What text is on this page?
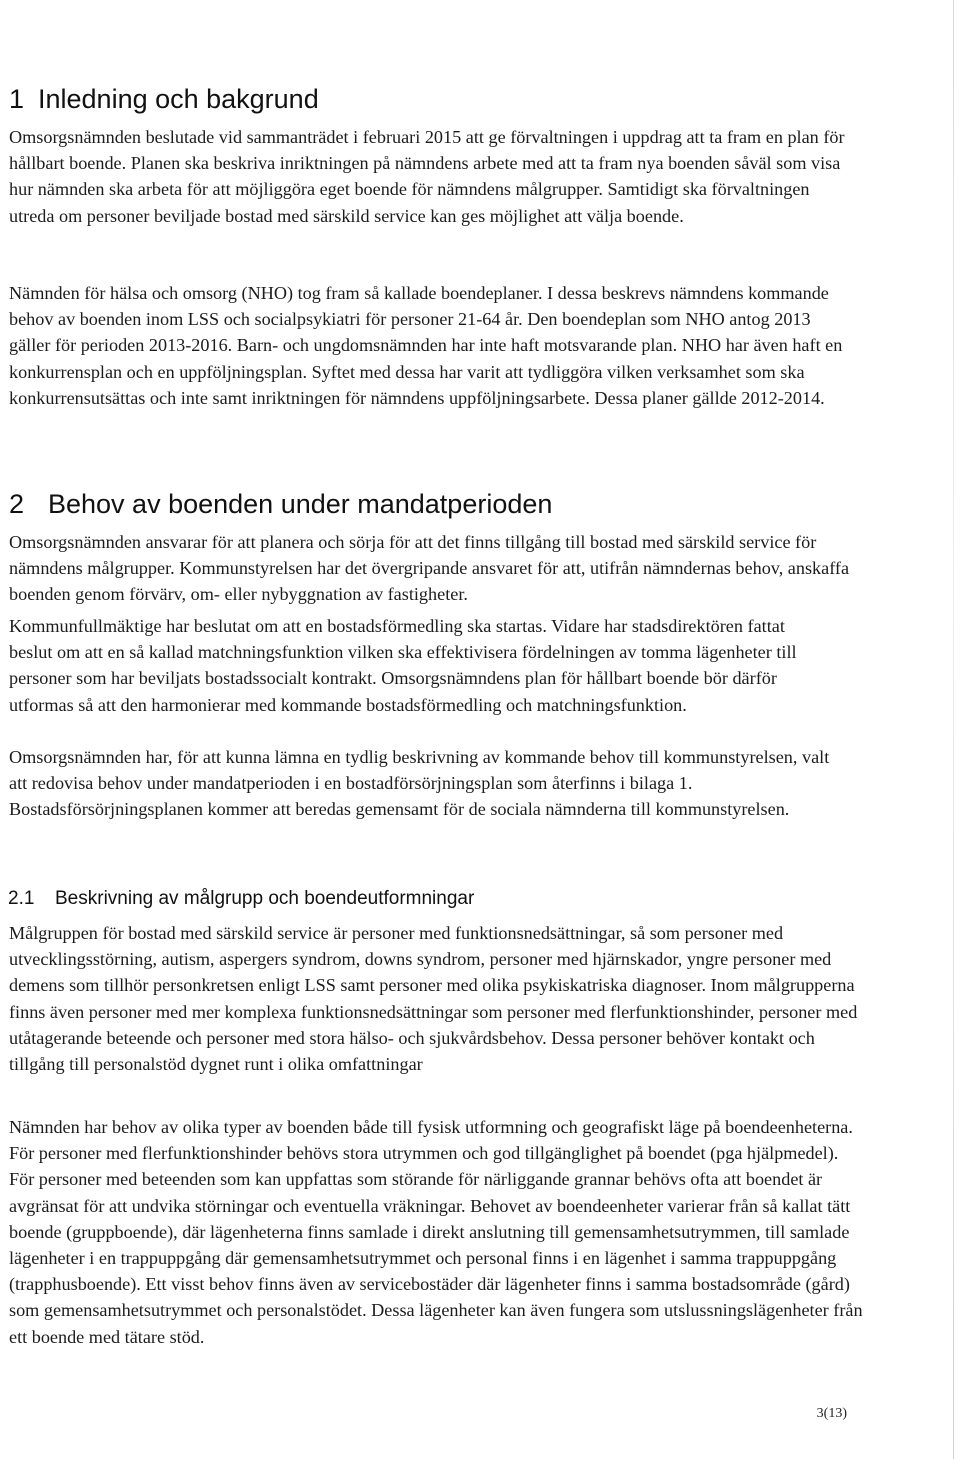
1 Inledning och bakgrund

Omsorgsnämnden beslutade vid sammanträdet i februari 2015 att ge förvaltningen i uppdrag att ta fram en plan för hållbart boende. Planen ska beskriva inriktningen på nämndens arbete med att ta fram nya boenden såväl som visa hur nämnden ska arbeta för att möjliggöra eget boende för nämndens målgrupper. Samtidigt ska förvaltningen utreda om personer beviljade bostad med särskild service kan ges möjlighet att välja boende.

Nämnden för hälsa och omsorg (NHO) tog fram så kallade boendeplaner. I dessa beskrevs nämndens kommande behov av boenden inom LSS och socialpsykiatri för personer 21-64 år. Den boendeplan som NHO antog 2013 gäller för perioden 2013-2016. Barn- och ungdomsnämnden har inte haft motsvarande plan. NHO har även haft en konkurrensplan och en uppföljningsplan. Syftet med dessa har varit att tydliggöra vilken verksamhet som ska konkurrensutsättas och inte samt inriktningen för nämndens uppföljningsarbete. Dessa planer gällde 2012-2014.

2 Behov av boenden under mandatperioden

Omsorgsnämnden ansvarar för att planera och sörja för att det finns tillgång till bostad med särskild service för nämndens målgrupper. Kommunstyrelsen har det övergripande ansvaret för att, utifrån nämndernas behov, anskaffa boenden genom förvärv, om- eller nybyggnation av fastigheter.

Kommunfullmäktige har beslutat om att en bostadsförmedling ska startas. Vidare har stadsdirektören fattat beslut om att en så kallad matchningsfunktion vilken ska effektivisera fördelningen av tomma lägenheter till personer som har beviljats bostadssocialt kontrakt. Omsorgsnämndens plan för hållbart boende bör därför utformas så att den harmonierar med kommande bostadsförmedling och matchningsfunktion.

Omsorgsnämnden har, för att kunna lämna en tydlig beskrivning av kommande behov till kommunstyrelsen, valt att redovisa behov under mandatperioden i en bostadförsörjningsplan som återfinns i bilaga 1. Bostadsförsörjningsplanen kommer att beredas gemensamt för de sociala nämnderna till kommunstyrelsen.

2.1 Beskrivning av målgrupp och boendeutformningar

Målgruppen för bostad med särskild service är personer med funktionsnedsättningar, så som personer med utvecklingsstörning, autism, aspergers syndrom, downs syndrom, personer med hjärnskador, yngre personer med demens som tillhör personkretsen enligt LSS samt personer med olika psykiskatriska diagnoser. Inom målgrupperna finns även personer med mer komplexa funktionsnedsättningar som personer med flerfunktionshinder, personer med utåtagerande beteende och personer med stora hälso- och sjukvårdsbehov. Dessa personer behöver kontakt och tillgång till personalstöd dygnet runt i olika omfattningar

Nämnden har behov av olika typer av boenden både till fysisk utformning och geografiskt läge på boendeenheterna. För personer med flerfunktionshinder behövs stora utrymmen och god tillgänglighet på boendet (pga hjälpmedel). För personer med beteenden som kan uppfattas som störande för närliggande grannar behövs ofta att boendet är avgränsat för att undvika störningar och eventuella vräkningar. Behovet av boendeenheter varierar från så kallat tätt boende (gruppboende), där lägenheterna finns samlade i direkt anslutning till gemensamhetsutrymmen, till samlade lägenheter i en trappuppgång där gemensamhetsutrymmet och personal finns i en lägenhet i samma trappuppgång (trapphusboende). Ett visst behov finns även av servicebostäder där lägenheter finns i samma bostadsområde (gård) som gemensamhetsutrymmet och personalstödet. Dessa lägenheter kan även fungera som utslussningslägenheter från ett boende med tätare stöd.

3(13)
